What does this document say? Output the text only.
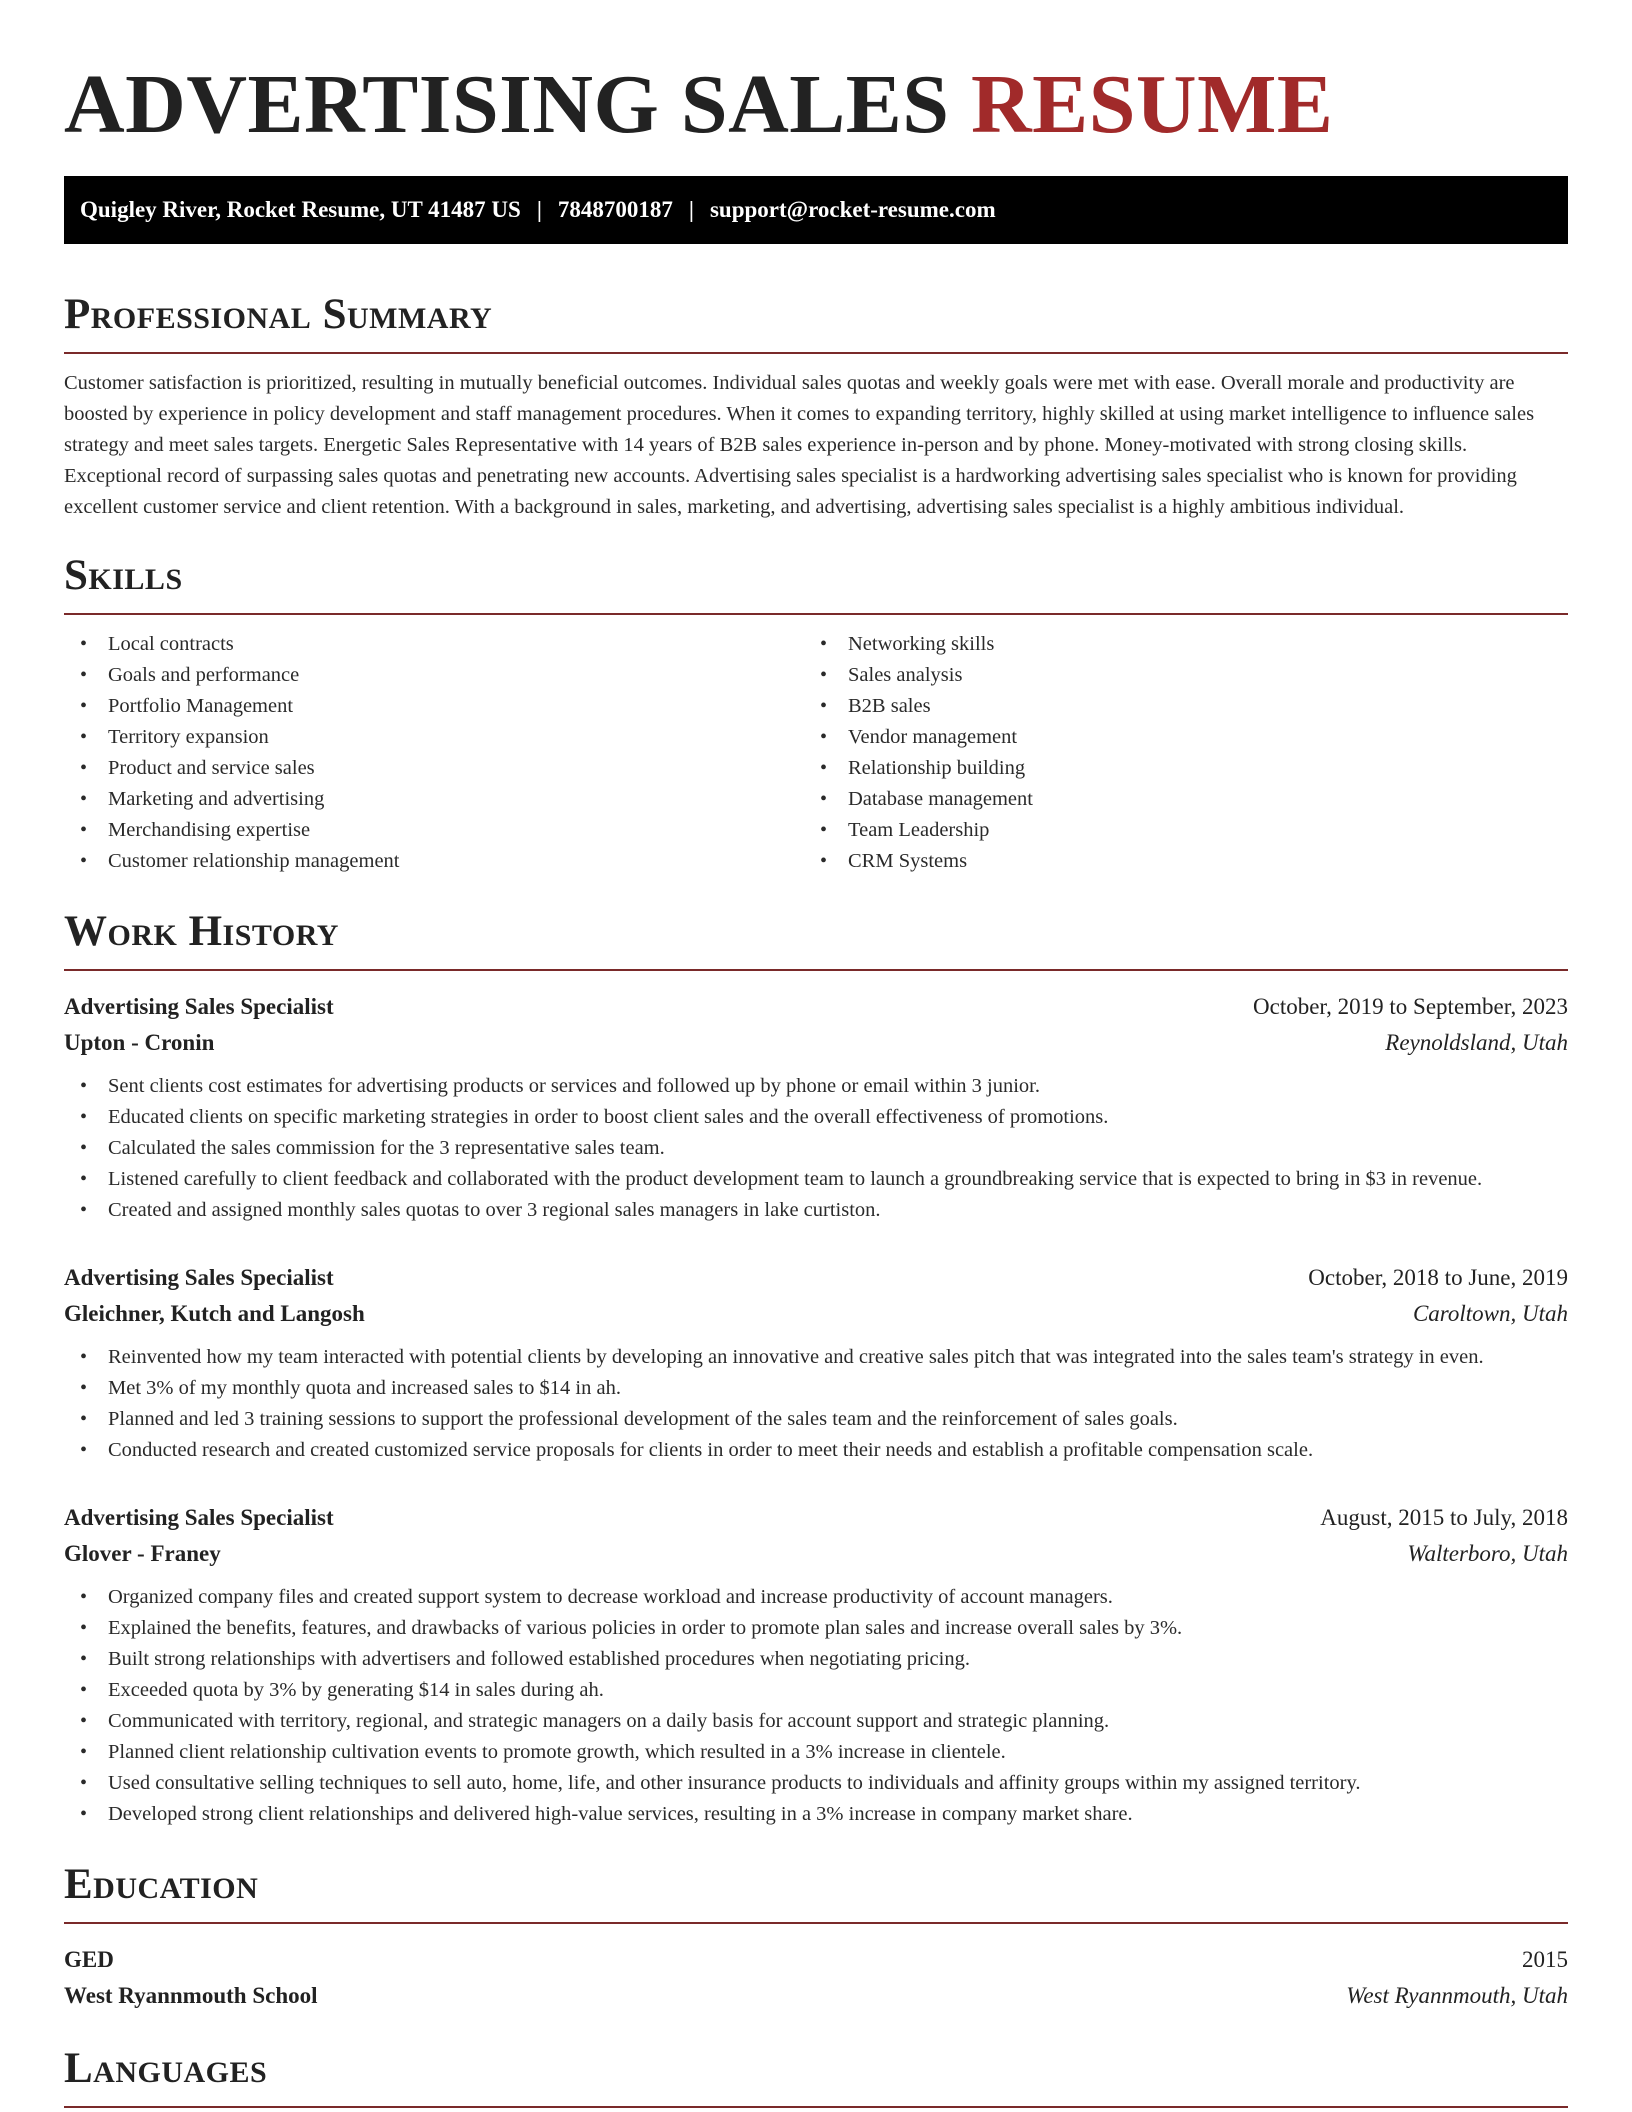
ADVERTISING SALES RESUME
Quigley River, Rocket Resume, UT 41487 US | 7848700187 | support@rocket-resume.com
Professional Summary

Customer satisfaction is prioritized, resulting in mutually beneficial outcomes. Individual sales quotas and weekly goals were met with ease. Overall morale and productivity are boosted by experience in policy development and staff management procedures. When it comes to expanding territory, highly skilled at using market intelligence to influence sales strategy and meet sales targets. Energetic Sales Representative with 14 years of B2B sales experience in-person and by phone. Money-motivated with strong closing skills. Exceptional record of surpassing sales quotas and penetrating new accounts. Advertising sales specialist is a hardworking advertising sales specialist who is known for providing excellent customer service and client retention. With a background in sales, marketing, and advertising, advertising sales specialist is a highly ambitious individual.

Skills
• Local contracts
• Goals and performance
• Portfolio Management
• Territory expansion
• Product and service sales
• Marketing and advertising
• Merchandising expertise
• Customer relationship management
• Networking skills
• Sales analysis
• B2B sales
• Vendor management
• Relationship building
• Database management
• Team Leadership
• CRM Systems
Work History
Advertising Sales Specialist	October, 2019 to September, 2023
Upton - Cronin	Reynoldsland, Utah
• Sent clients cost estimates for advertising products or services and followed up by phone or email within 3 junior.
• Educated clients on specific marketing strategies in order to boost client sales and the overall effectiveness of promotions.
• Calculated the sales commission for the 3 representative sales team.
• Listened carefully to client feedback and collaborated with the product development team to launch a groundbreaking service that is expected to bring in $3 in revenue.
• Created and assigned monthly sales quotas to over 3 regional sales managers in lake curtiston.
Advertising Sales Specialist	October, 2018 to June, 2019
Gleichner, Kutch and Langosh	Caroltown, Utah
• Reinvented how my team interacted with potential clients by developing an innovative and creative sales pitch that was integrated into the sales team's strategy in even.
• Met 3% of my monthly quota and increased sales to $14 in ah.
• Planned and led 3 training sessions to support the professional development of the sales team and the reinforcement of sales goals.
• Conducted research and created customized service proposals for clients in order to meet their needs and establish a profitable compensation scale.
Advertising Sales Specialist	August, 2015 to July, 2018
Glover - Franey	Walterboro, Utah
• Organized company files and created support system to decrease workload and increase productivity of account managers.
• Explained the benefits, features, and drawbacks of various policies in order to promote plan sales and increase overall sales by 3%.
• Built strong relationships with advertisers and followed established procedures when negotiating pricing.
• Exceeded quota by 3% by generating $14 in sales during ah.
• Communicated with territory, regional, and strategic managers on a daily basis for account support and strategic planning.
• Planned client relationship cultivation events to promote growth, which resulted in a 3% increase in clientele.
• Used consultative selling techniques to sell auto, home, life, and other insurance products to individuals and affinity groups within my assigned territory.
• Developed strong client relationships and delivered high-value services, resulting in a 3% increase in company market share.
Education
GED	2015
West Ryannmouth School	West Ryannmouth, Utah
Languages
